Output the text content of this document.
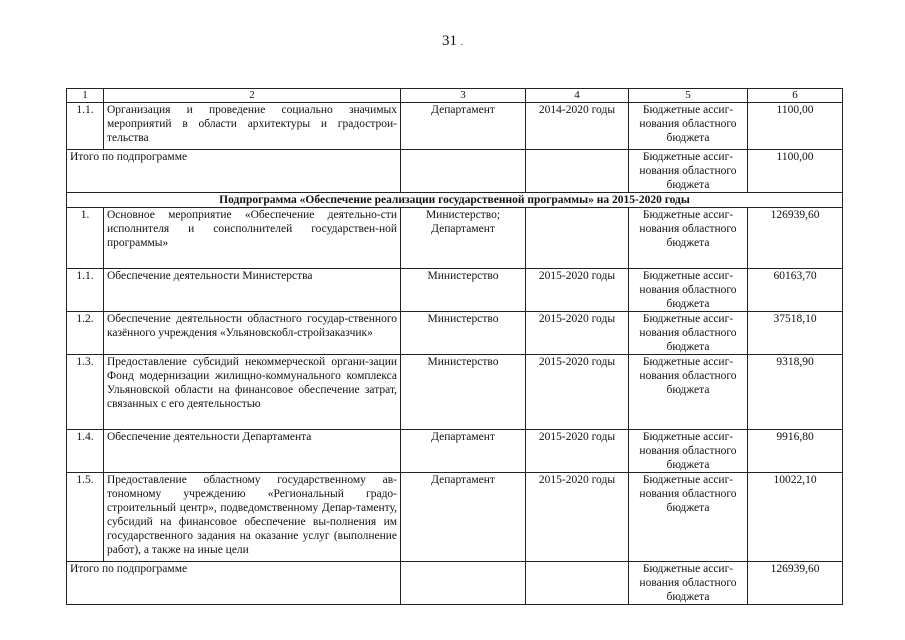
31 .
1	2	3	4	5	6
1.1.	Организация и проведение социально значимых мероприятий в области архитектуры и градострои-тельства	Департамент	2014-2020 годы	Бюджетные ассиг-нования областного бюджета	1100,00
Итого по подпрограмме				Бюджетные ассиг-нования областного бюджета	1100,00
Подпрограмма «Обеспечение реализации государственной программы» на 2015-2020 годы					
1.	Основное мероприятие «Обеспечение деятельно-сти исполнителя и соисполнителей государствен-ной программы»	Министерство; Департамент		Бюджетные ассиг-нования областного бюджета	126939,60
1.1.	Обеспечение деятельности Министерства	Министерство	2015-2020 годы	Бюджетные ассиг-нования областного бюджета	60163,70
1.2.	Обеспечение деятельности областного государ-ственного казённого учреждения «Ульяновскобл-стройзаказчик»	Министерство	2015-2020 годы	Бюджетные ассиг-нования областного бюджета	37518,10
1.3.	Предоставление субсидий некоммерческой органи-зации Фонд модернизации жилищно-коммунального комплекса Ульяновской области на финансовое обеспечение затрат, связанных с его деятельностью	Министерство	2015-2020 годы	Бюджетные ассиг-нования областного бюджета	9318,90
1.4.	Обеспечение деятельности Департамента	Департамент	2015-2020 годы	Бюджетные ассиг-нования областного бюджета	9916,80
1.5.	Предоставление областному государственному ав-тономному учреждению «Региональный градо-строительный центр», подведомственному Депар-таменту, субсидий на финансовое обеспечение вы-полнения им государственного задания на оказание услуг (выполнение работ), а также на иные цели	Департамент	2015-2020 годы	Бюджетные ассиг-нования областного бюджета	10022,10
Итого по подпрограмме				Бюджетные ассиг-нования областного бюджета	126939,60
